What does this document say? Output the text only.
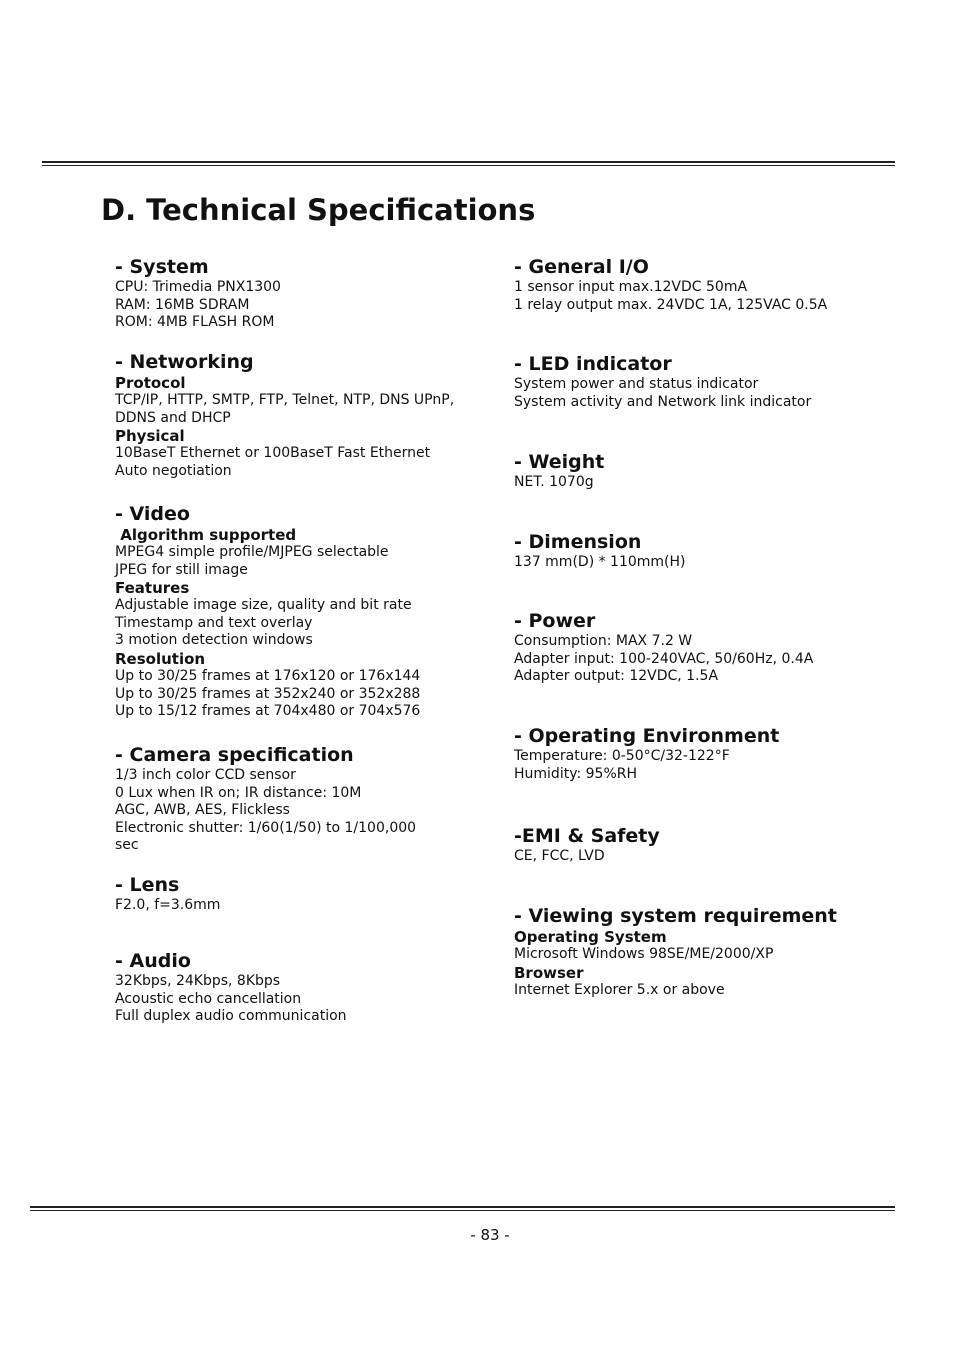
D. Technical Specifications
- System
CPU: Trimedia PNX1300
RAM: 16MB SDRAM
ROM: 4MB FLASH ROM
- Networking
Protocol
TCP/IP, HTTP, SMTP, FTP, Telnet, NTP, DNS UPnP,
DDNS and DHCP
Physical
10BaseT Ethernet or 100BaseT Fast Ethernet
Auto negotiation
- Video
Algorithm supported
MPEG4 simple profile/MJPEG selectable
JPEG for still image
Features
Adjustable image size, quality and bit rate
Timestamp and text overlay
3 motion detection windows
Resolution
Up to 30/25 frames at 176x120 or 176x144
Up to 30/25 frames at 352x240 or 352x288
Up to 15/12 frames at 704x480 or 704x576
- Camera specification
1/3 inch color CCD sensor
0 Lux when IR on; IR distance: 10M
AGC, AWB, AES, Flickless
Electronic shutter: 1/60(1/50) to 1/100,000
sec
- Lens
F2.0, f=3.6mm
- Audio
32Kbps, 24Kbps, 8Kbps
Acoustic echo cancellation
Full duplex audio communication
- General I/O
1 sensor input max.12VDC 50mA
1 relay output max. 24VDC 1A, 125VAC 0.5A
- LED indicator
System power and status indicator
System activity and Network link indicator
- Weight
NET. 1070g
- Dimension
137 mm(D) * 110mm(H)
- Power
Consumption: MAX 7.2 W
Adapter input: 100-240VAC, 50/60Hz, 0.4A
Adapter output: 12VDC, 1.5A
- Operating Environment
Temperature: 0-50°C/32-122°F
Humidity: 95%RH
-EMI & Safety
CE, FCC, LVD
- Viewing system requirement
Operating System
Microsoft Windows 98SE/ME/2000/XP
Browser
Internet Explorer 5.x or above
- 83 -
